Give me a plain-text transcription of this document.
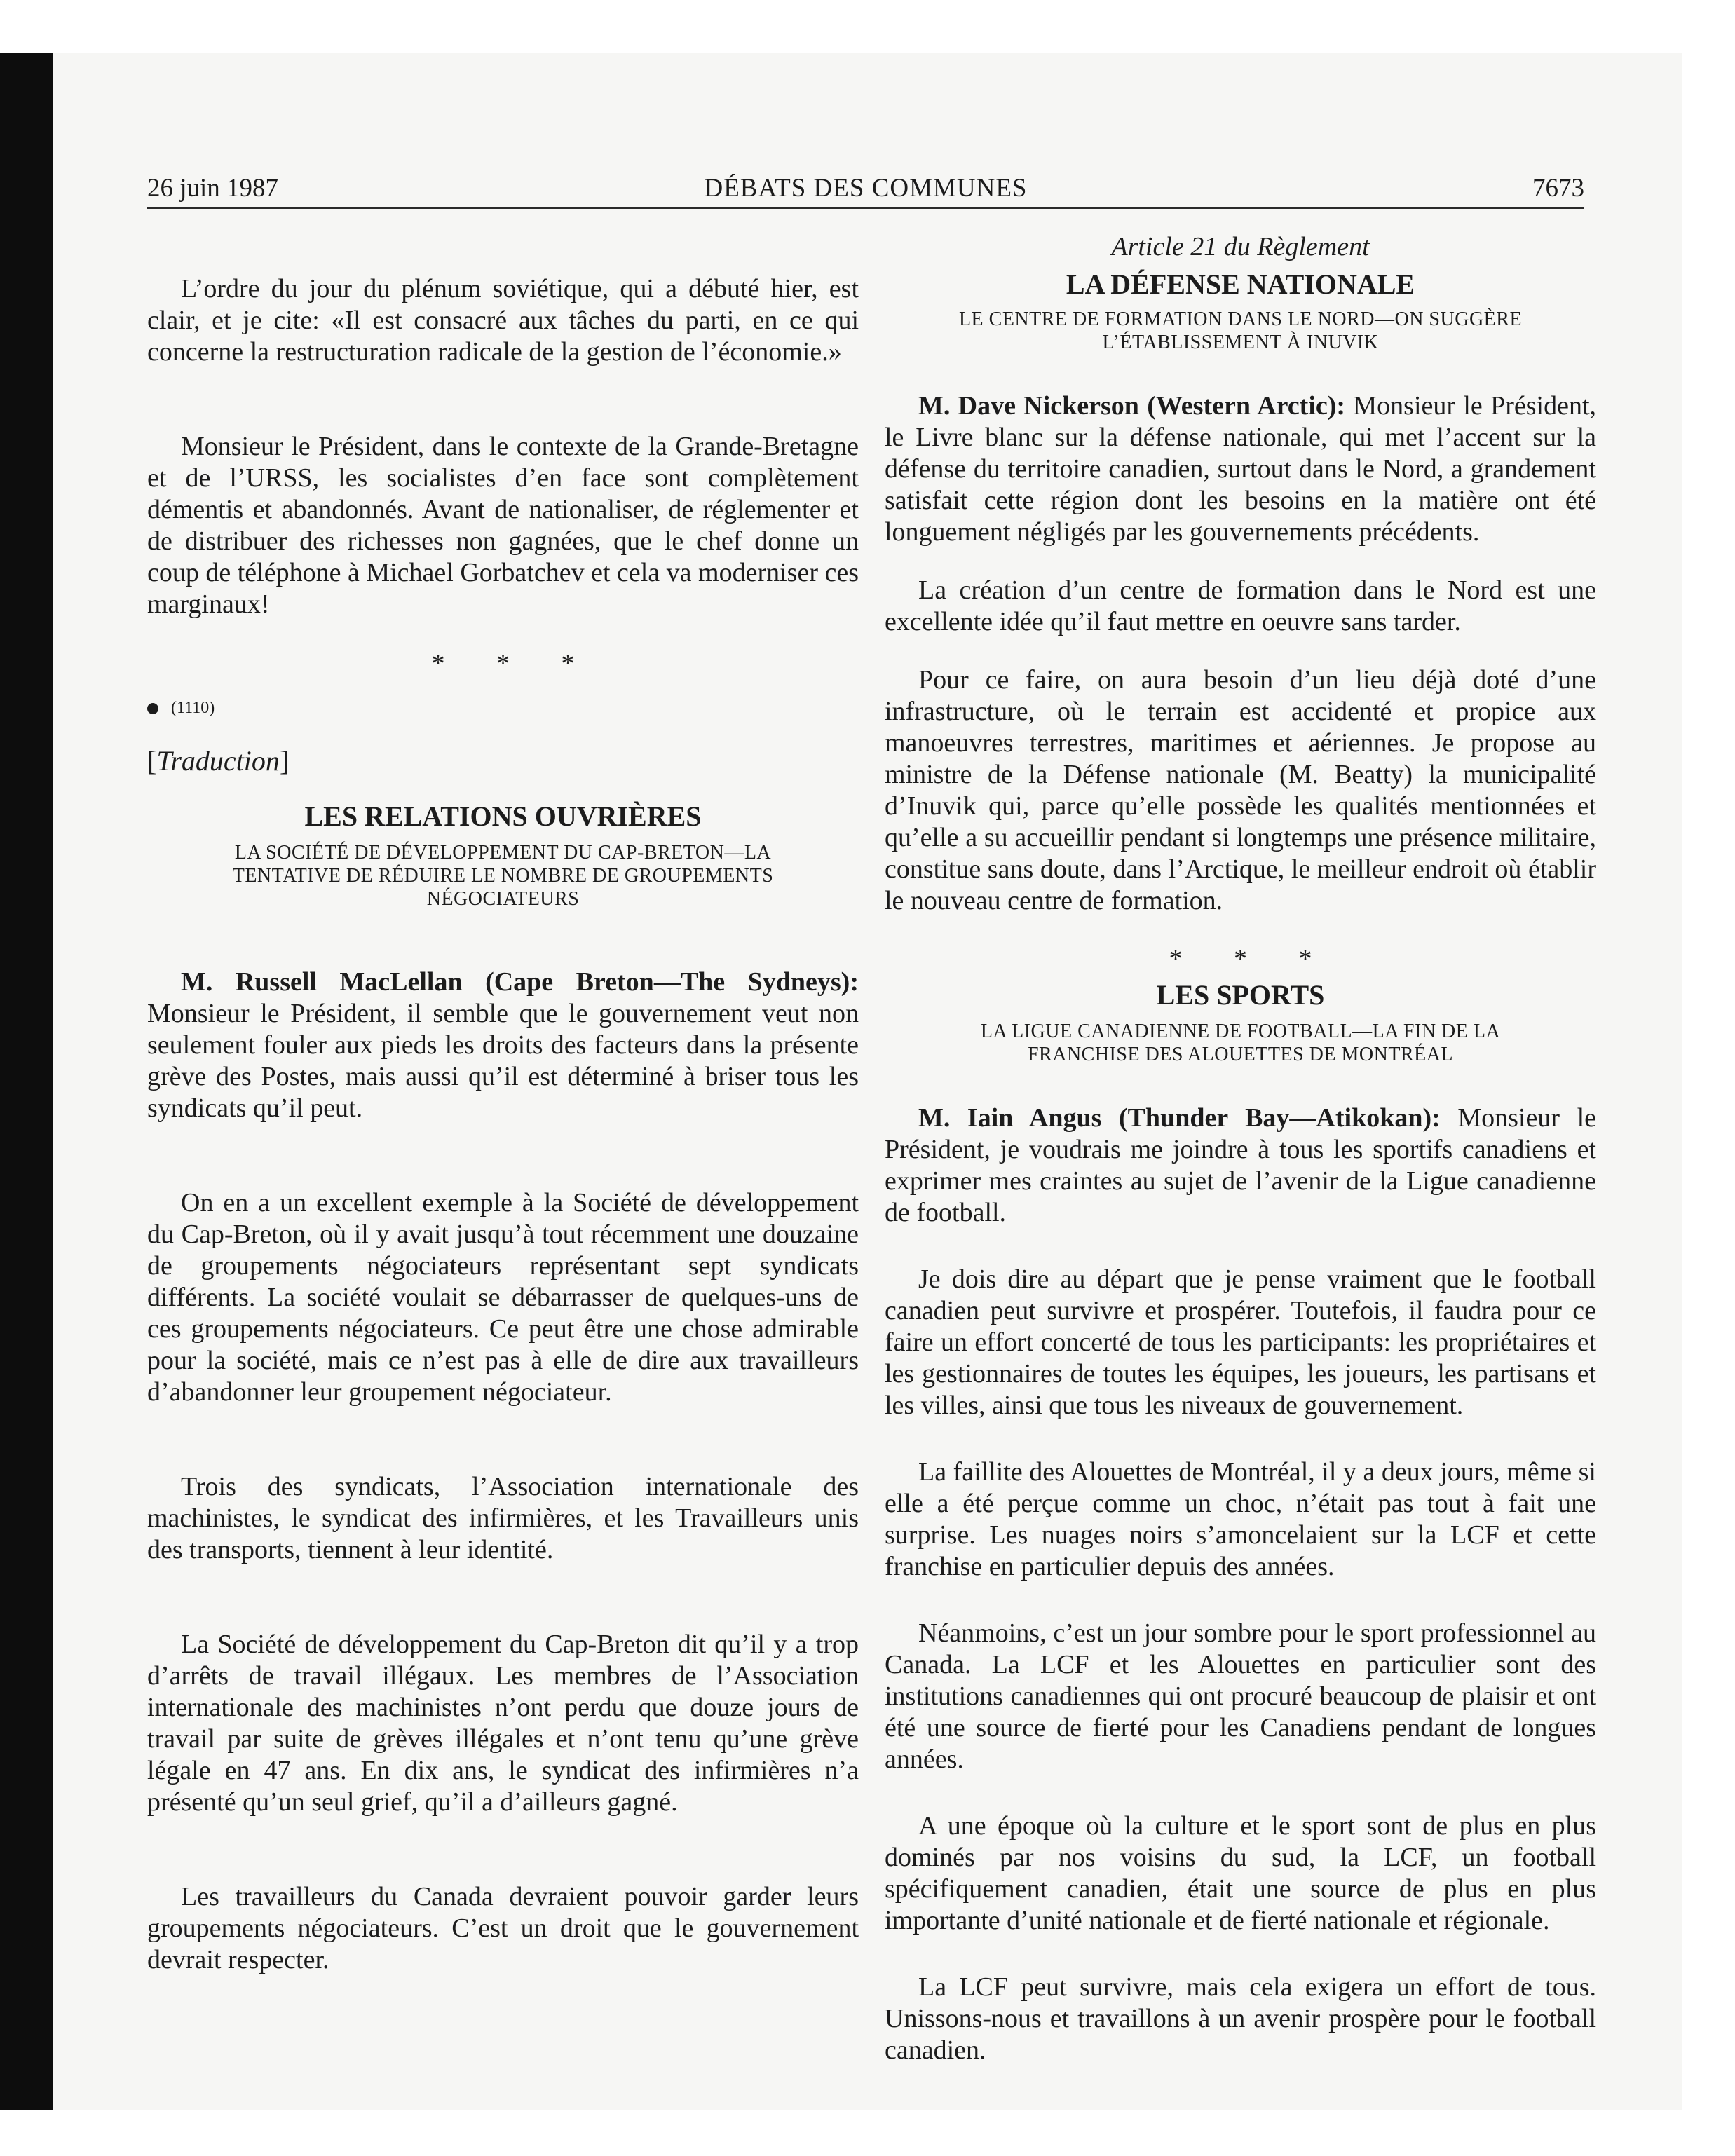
26 juin 1987	DÉBATS DES COMMUNES	7673

L’ordre du jour du plénum soviétique, qui a débuté hier, est clair, et je cite: «Il est consacré aux tâches du parti, en ce qui concerne la restructuration radicale de la gestion de l’économie.»

Monsieur le Président, dans le contexte de la Grande-Bretagne et de l’URSS, les socialistes d’en face sont complètement démentis et abandonnés. Avant de nationaliser, de réglementer et de distribuer des richesses non gagnées, que le chef donne un coup de téléphone à Michael Gorbatchev et cela va moderniser ces marginaux!

* * *
(1110)
[Traduction]
LES RELATIONS OUVRIÈRES
LA SOCIÉTÉ DE DÉVELOPPEMENT DU CAP-BRETON—LA
TENTATIVE DE RÉDUIRE LE NOMBRE DE GROUPEMENTS
NÉGOCIATEURS

M. Russell MacLellan (Cape Breton—The Sydneys): Monsieur le Président, il semble que le gouvernement veut non seulement fouler aux pieds les droits des facteurs dans la présente grève des Postes, mais aussi qu’il est déterminé à briser tous les syndicats qu’il peut.

On en a un excellent exemple à la Société de développement du Cap-Breton, où il y avait jusqu’à tout récemment une douzaine de groupements négociateurs représentant sept syndicats différents. La société voulait se débarrasser de quelques-uns de ces groupements négociateurs. Ce peut être une chose admirable pour la société, mais ce n’est pas à elle de dire aux travailleurs d’abandonner leur groupement négociateur.

Trois des syndicats, l’Association internationale des machinistes, le syndicat des infirmières, et les Travailleurs unis des transports, tiennent à leur identité.

La Société de développement du Cap-Breton dit qu’il y a trop d’arrêts de travail illégaux. Les membres de l’Association internationale des machinistes n’ont perdu que douze jours de travail par suite de grèves illégales et n’ont tenu qu’une grève légale en 47 ans. En dix ans, le syndicat des infirmières n’a présenté qu’un seul grief, qu’il a d’ailleurs gagné.

Les travailleurs du Canada devraient pouvoir garder leurs groupements négociateurs. C’est un droit que le gouvernement devrait respecter.

Article 21 du Règlement
LA DÉFENSE NATIONALE
LE CENTRE DE FORMATION DANS LE NORD—ON SUGGÈRE
L’ÉTABLISSEMENT À INUVIK

M. Dave Nickerson (Western Arctic): Monsieur le Président, le Livre blanc sur la défense nationale, qui met l’accent sur la défense du territoire canadien, surtout dans le Nord, a grandement satisfait cette région dont les besoins en la matière ont été longuement négligés par les gouvernements précédents.

La création d’un centre de formation dans le Nord est une excellente idée qu’il faut mettre en oeuvre sans tarder.

Pour ce faire, on aura besoin d’un lieu déjà doté d’une infrastructure, où le terrain est accidenté et propice aux manoeuvres terrestres, maritimes et aériennes. Je propose au ministre de la Défense nationale (M. Beatty) la municipalité d’Inuvik qui, parce qu’elle possède les qualités mentionnées et qu’elle a su accueillir pendant si longtemps une présence militaire, constitue sans doute, dans l’Arctique, le meilleur endroit où établir le nouveau centre de formation.

* * *
LES SPORTS
LA LIGUE CANADIENNE DE FOOTBALL—LA FIN DE LA
FRANCHISE DES ALOUETTES DE MONTRÉAL

M. Iain Angus (Thunder Bay—Atikokan): Monsieur le Président, je voudrais me joindre à tous les sportifs canadiens et exprimer mes craintes au sujet de l’avenir de la Ligue canadienne de football.

Je dois dire au départ que je pense vraiment que le football canadien peut survivre et prospérer. Toutefois, il faudra pour ce faire un effort concerté de tous les participants: les propriétaires et les gestionnaires de toutes les équipes, les joueurs, les partisans et les villes, ainsi que tous les niveaux de gouvernement.

La faillite des Alouettes de Montréal, il y a deux jours, même si elle a été perçue comme un choc, n’était pas tout à fait une surprise. Les nuages noirs s’amoncelaient sur la LCF et cette franchise en particulier depuis des années.

Néanmoins, c’est un jour sombre pour le sport professionnel au Canada. La LCF et les Alouettes en particulier sont des institutions canadiennes qui ont procuré beaucoup de plaisir et ont été une source de fierté pour les Canadiens pendant de longues années.

A une époque où la culture et le sport sont de plus en plus dominés par nos voisins du sud, la LCF, un football spécifiquement canadien, était une source de plus en plus importante d’unité nationale et de fierté nationale et régionale.

La LCF peut survivre, mais cela exigera un effort de tous. Unissons-nous et travaillons à un avenir prospère pour le football canadien.
